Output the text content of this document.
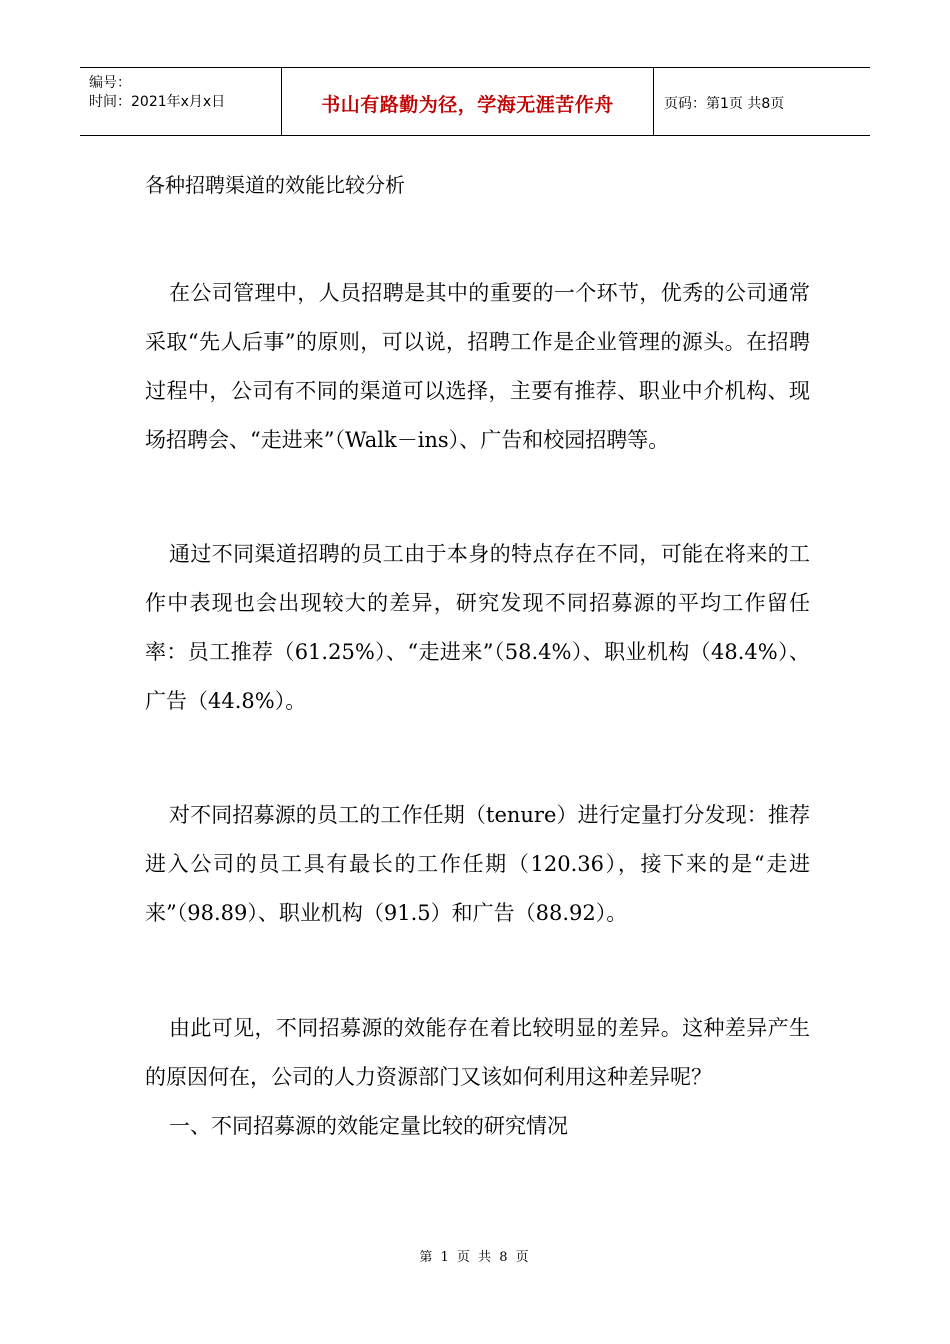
编号：
时间：2021年x月x日	书山有路勤为径，学海无涯苦作舟	页码：第1页 共8页
各种招聘渠道的效能比较分析

在公司管理中，人员招聘是其中的重要的一个环节，优秀的公司通常采取“先人后事”的原则，可以说，招聘工作是企业管理的源头。在招聘过程中，公司有不同的渠道可以选择，主要有推荐、职业中介机构、现场招聘会、“走进来”（Walk－ins）、广告和校园招聘等。

通过不同渠道招聘的员工由于本身的特点存在不同，可能在将来的工作中表现也会出现较大的差异，研究发现不同招募源的平均工作留任率：员工推荐（61.25%）、“走进来”（58.4%）、职业机构（48.4%）、广告（44.8%）。

对不同招募源的员工的工作任期（tenure）进行定量打分发现：推荐进入公司的员工具有最长的工作任期（120.36），接下来的是“走进来”（98.89）、职业机构（91.5）和广告（88.92）。

由此可见，不同招募源的效能存在着比较明显的差异。这种差异产生的原因何在，公司的人力资源部门又该如何利用这种差异呢？

一、不同招募源的效能定量比较的研究情况
第 1 页 共 8 页
